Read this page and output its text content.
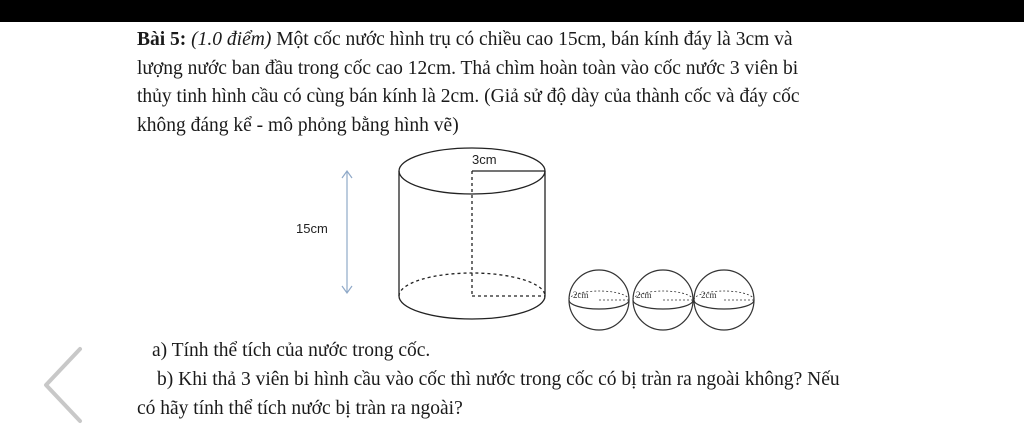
Bài 5: (1.0 điểm) Một cốc nước hình trụ có chiều cao 15cm, bán kính đáy là 3cm và
lượng nước ban đầu trong cốc cao 12cm. Thả chìm hoàn toàn vào cốc nước 3 viên bi
thủy tinh hình cầu có cùng bán kính là 2cm. (Giả sử độ dày của thành cốc và đáy cốc
không đáng kể - mô phỏng bằng hình vẽ)
15cm
3cm
2cm	2cm	2cm
a) Tính thể tích của nước trong cốc.
b) Khi thả 3 viên bi hình cầu vào cốc thì nước trong cốc có bị tràn ra ngoài không? Nếu
có hãy tính thể tích nước bị tràn ra ngoài?
